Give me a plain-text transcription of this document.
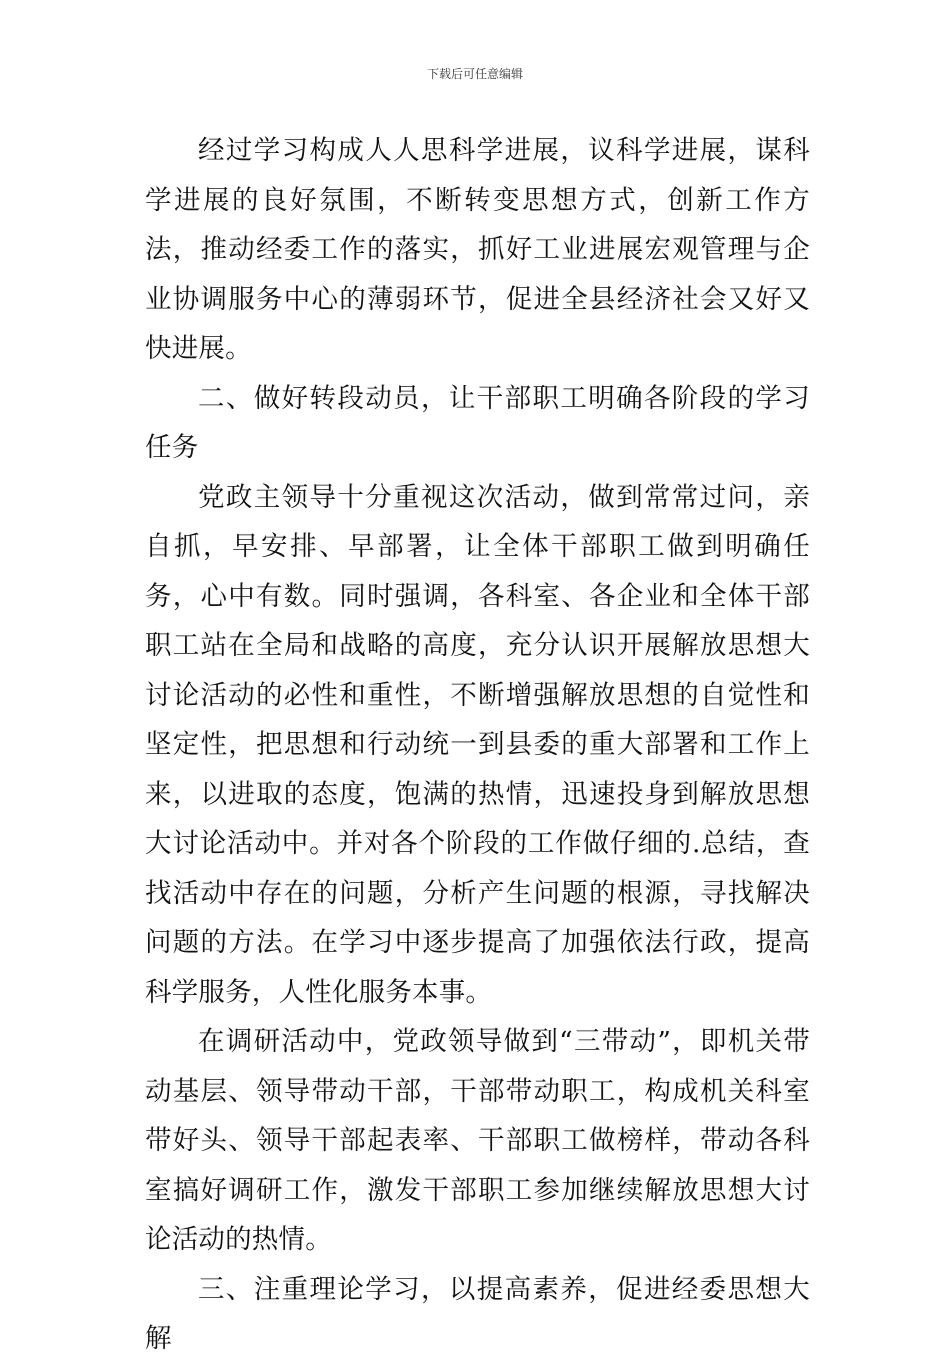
下载后可任意编辑

经过学习构成人人思科学进展，议科学进展，谋科学进展的良好氛围，不断转变思想方式，创新工作方法，推动经委工作的落实，抓好工业进展宏观管理与企业协调服务中心的薄弱环节，促进全县经济社会又好又快进展。

二、做好转段动员，让干部职工明确各阶段的学习任务

党政主领导十分重视这次活动，做到常常过问，亲自抓，早安排、早部署，让全体干部职工做到明确任务，心中有数。同时强调，各科室、各企业和全体干部职工站在全局和战略的高度，充分认识开展解放思想大讨论活动的必性和重性，不断增强解放思想的自觉性和坚定性，把思想和行动统一到县委的重大部署和工作上来，以进取的态度，饱满的热情，迅速投身到解放思想大讨论活动中。并对各个阶段的工作做仔细的.总结，查找活动中存在的问题，分析产生问题的根源，寻找解决问题的方法。在学习中逐步提高了加强依法行政，提高科学服务，人性化服务本事。

在调研活动中，党政领导做到“三带动”，即机关带动基层、领导带动干部，干部带动职工，构成机关科室带好头、领导干部起表率、干部职工做榜样，带动各科室搞好调研工作，激发干部职工参加继续解放思想大讨论活动的热情。

三、注重理论学习，以提高素养，促进经委思想大解
